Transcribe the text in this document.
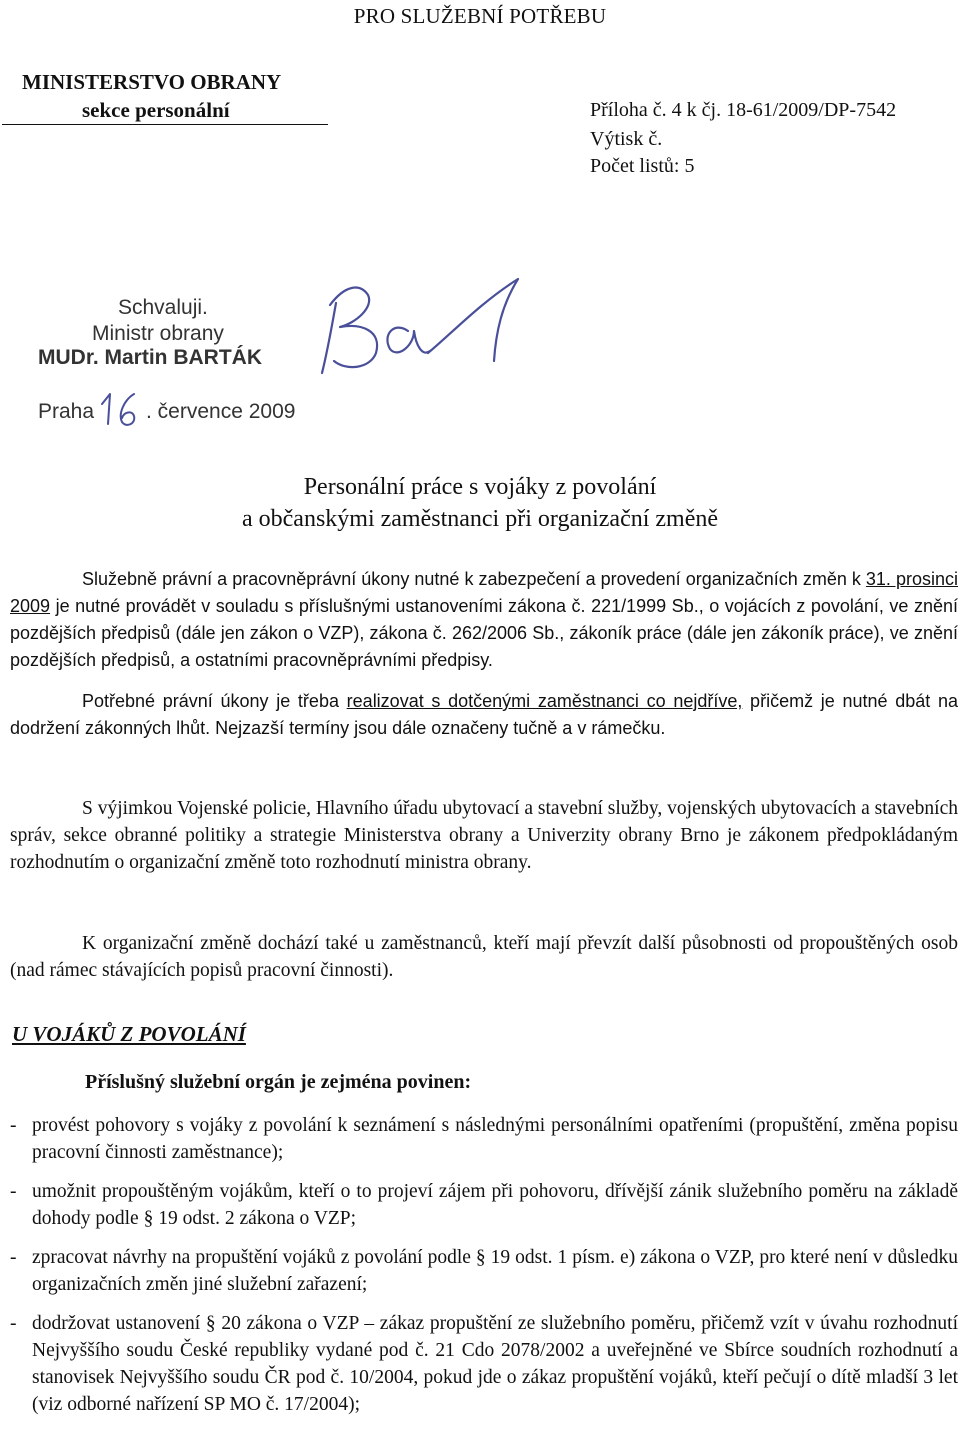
PRO SLUŽEBNÍ POTŘEBU
MINISTERSTVO OBRANY
sekce personální	Příloha č. 4 k čj. 18-61/2009/DP-7542
Výtisk č.
Počet listů: 5
Schvaluji.
Ministr obrany
MUDr. Martin BARTÁK
Praha . července 2009
Personální práce s vojáky z povolání
a občanskými zaměstnanci při organizační změně
Služebně právní a pracovněprávní úkony nutné k zabezpečení a provedení organizačních změn k 31. prosinci 2009 je nutné provádět v souladu s příslušnými ustanoveními zákona č. 221/1999 Sb., o vojácích z povolání, ve znění pozdějších předpisů (dále jen zákon o VZP), zákona č. 262/2006 Sb., zákoník práce (dále jen zákoník práce), ve znění pozdějších předpisů, a ostatními pracovněprávními předpisy.
Potřebné právní úkony je třeba realizovat s dotčenými zaměstnanci co nejdříve, přičemž je nutné dbát na dodržení zákonných lhůt. Nejzazší termíny jsou dále označeny tučně a v rámečku.
S výjimkou Vojenské policie, Hlavního úřadu ubytovací a stavební služby, vojenských ubytovacích a stavebních správ, sekce obranné politiky a strategie Ministerstva obrany a Univerzity obrany Brno je zákonem předpokládaným rozhodnutím o organizační změně toto rozhodnutí ministra obrany.
K organizační změně dochází také u zaměstnanců, kteří mají převzít další působnosti od propouštěných osob (nad rámec stávajících popisů pracovní činnosti).
U VOJÁKŮ Z POVOLÁNÍ
Příslušný služební orgán je zejména povinen:
- provést pohovory s vojáky z povolání k seznámení s následnými personálními opatřeními (propuštění, změna popisu pracovní činnosti zaměstnance);
- umožnit propouštěným vojákům, kteří o to projeví zájem při pohovoru, dřívější zánik služebního poměru na základě dohody podle § 19 odst. 2 zákona o VZP;
- zpracovat návrhy na propuštění vojáků z povolání podle § 19 odst. 1 písm. e) zákona o VZP, pro které není v důsledku organizačních změn jiné služební zařazení;
- dodržovat ustanovení § 20 zákona o VZP – zákaz propuštění ze služebního poměru, přičemž vzít v úvahu rozhodnutí Nejvyššího soudu České republiky vydané pod č. 21 Cdo 2078/2002 a uveřejněné ve Sbírce soudních rozhodnutí a stanovisek Nejvyššího soudu ČR pod č. 10/2004, pokud jde o zákaz propuštění vojáků, kteří pečují o dítě mladší 3 let (viz odborné nařízení SP MO č. 17/2004);
